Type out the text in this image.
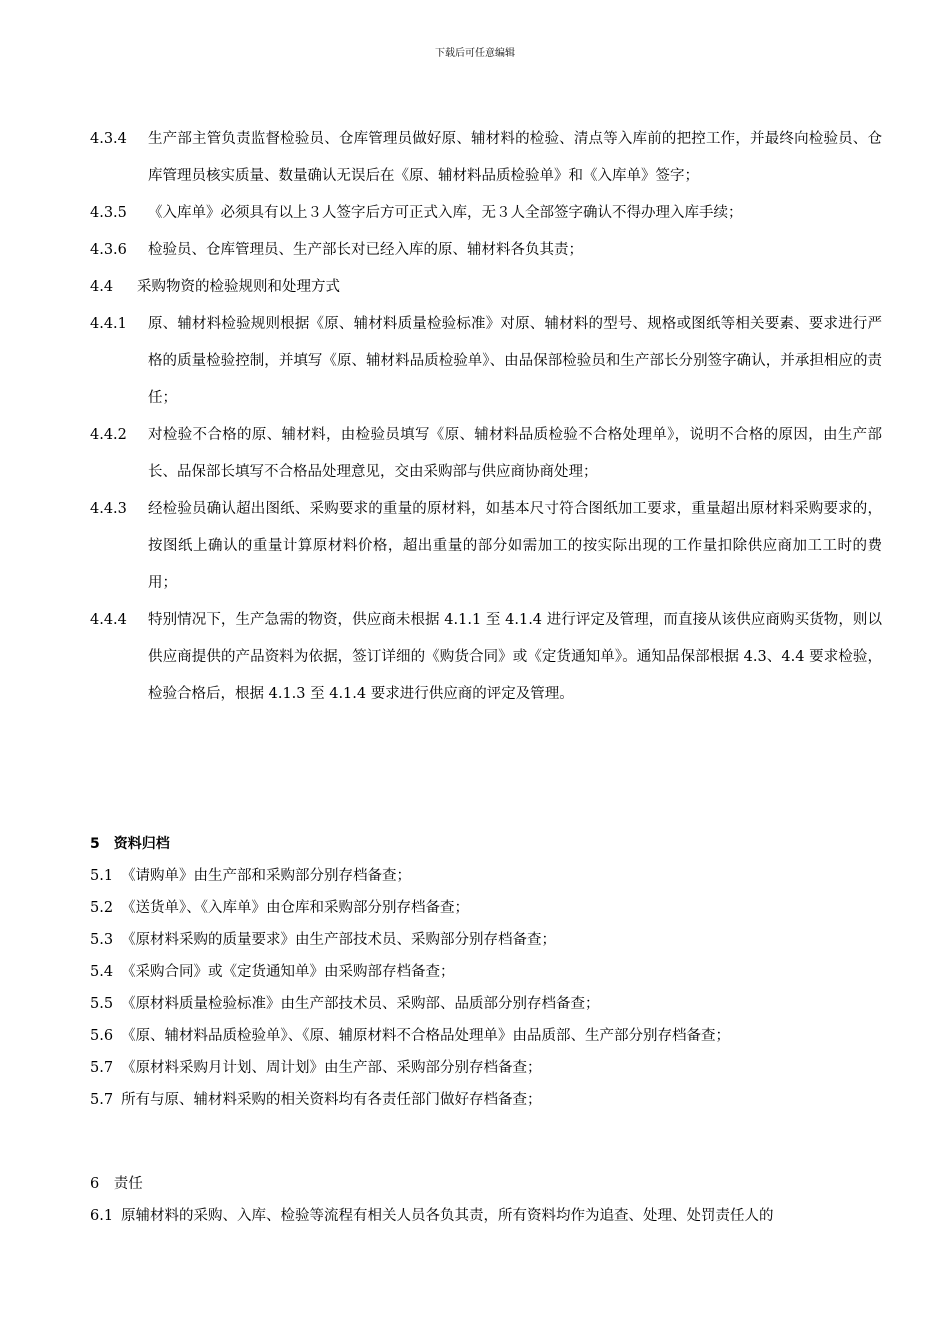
下载后可任意编辑
4.3.4 生产部主管负责监督检验员、仓库管理员做好原、辅材料的检验、清点等入库前的把控工作，并最终向检验员、仓库管理员核实质量、数量确认无误后在《原、辅材料品质检验单》和《入库单》签字；
4.3.5 《入库单》必须具有以上３人签字后方可正式入库，无３人全部签字确认不得办理入库手续；
4.3.6 检验员、仓库管理员、生产部长对已经入库的原、辅材料各负其责；
4.4 采购物资的检验规则和处理方式
4.4.1 原、辅材料检验规则根据《原、辅材料质量检验标准》对原、辅材料的型号、规格或图纸等相关要素、要求进行严格的质量检验控制，并填写《原、辅材料品质检验单》、由品保部检验员和生产部长分别签字确认，并承担相应的责任；
4.4.2 对检验不合格的原、辅材料，由检验员填写《原、辅材料品质检验不合格处理单》，说明不合格的原因，由生产部长、品保部长填写不合格品处理意见，交由采购部与供应商协商处理；
4.4.3 经检验员确认超出图纸、采购要求的重量的原材料，如基本尺寸符合图纸加工要求，重量超出原材料采购要求的，按图纸上确认的重量计算原材料价格，超出重量的部分如需加工的按实际出现的工作量扣除供应商加工工时的费用；
4.4.4 特别情况下，生产急需的物资，供应商未根据 4.1.1 至 4.1.4 进行评定及管理，而直接从该供应商购买货物，则以供应商提供的产品资料为依据，签订详细的《购货合同》或《定货通知单》。通知品保部根据 4.3、4.4 要求检验，检验合格后，根据 4.1.3 至 4.1.4 要求进行供应商的评定及管理。
5　资料归档
5.1 《请购单》由生产部和采购部分别存档备查；
5.2 《送货单》、《入库单》由仓库和采购部分别存档备查；
5.3 《原材料采购的质量要求》由生产部技术员、采购部分别存档备查；
5.4 《采购合同》或《定货通知单》由采购部存档备查；
5.5 《原材料质量检验标准》由生产部技术员、采购部、品质部分别存档备查；
5.6 《原、辅材料品质检验单》、《原、辅原材料不合格品处理单》由品质部、生产部分别存档备查；
5.7 《原材料采购月计划、周计划》由生产部、采购部分别存档备查；
5.7 所有与原、辅材料采购的相关资料均有各责任部门做好存档备查；
6　责任
6.1 原辅材料的采购、入库、检验等流程有相关人员各负其责，所有资料均作为追查、处理、处罚责任人的
